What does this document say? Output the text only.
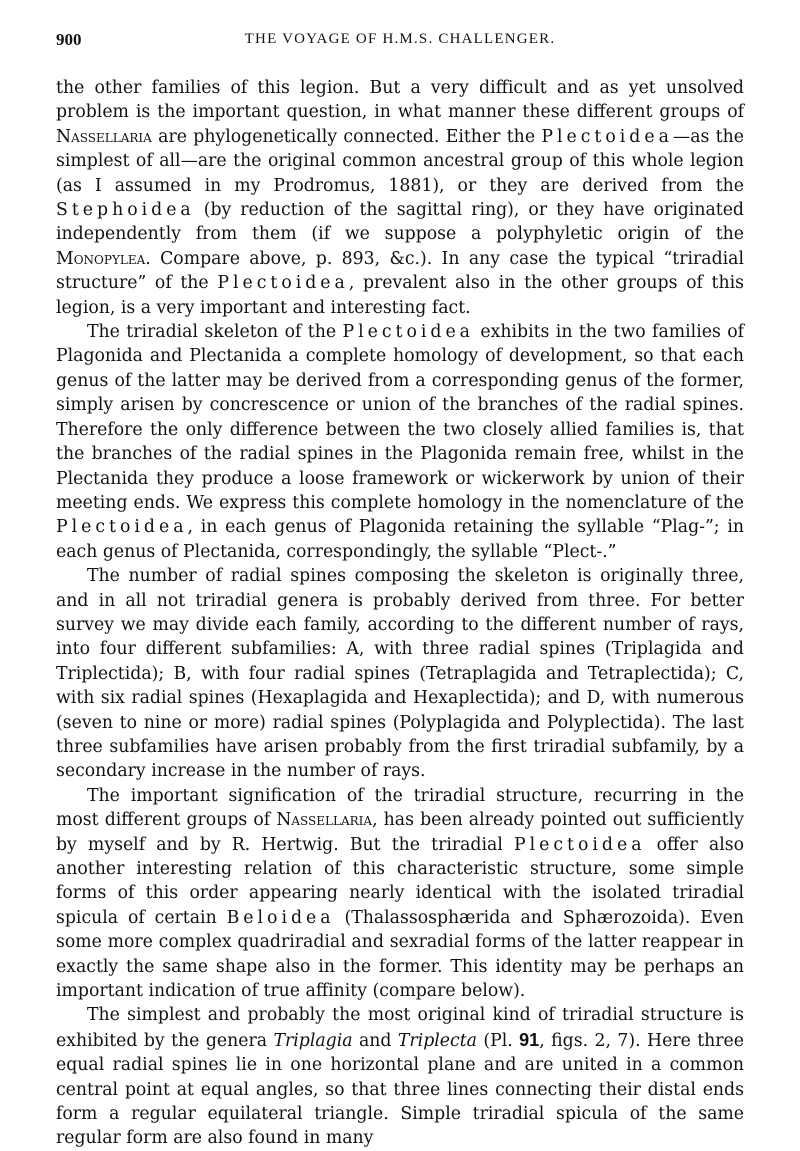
900	THE VOYAGE OF H.M.S. CHALLENGER.

the other families of this legion. But a very difficult and as yet unsolved problem is the important question, in what manner these different groups of Nassellaria are phylogenetically connected. Either the Plectoidea—as the simplest of all—are the original common ancestral group of this whole legion (as I assumed in my Prodromus, 1881), or they are derived from the Stephoidea (by reduction of the sagittal ring), or they have originated independently from them (if we suppose a polyphyletic origin of the Monopylea. Compare above, p. 893, &c.). In any case the typical “triradial structure” of the Plectoidea, prevalent also in the other groups of this legion, is a very important and interesting fact.

The triradial skeleton of the Plectoidea exhibits in the two families of Plagonida and Plectanida a complete homology of development, so that each genus of the latter may be derived from a corresponding genus of the former, simply arisen by concrescence or union of the branches of the radial spines. Therefore the only difference between the two closely allied families is, that the branches of the radial spines in the Plagonida remain free, whilst in the Plectanida they produce a loose framework or wickerwork by union of their meeting ends. We express this complete homology in the nomenclature of the Plectoidea, in each genus of Plagonida retaining the syllable “Plag-”; in each genus of Plectanida, correspondingly, the syllable “Plect-.”

The number of radial spines composing the skeleton is originally three, and in all not triradial genera is probably derived from three. For better survey we may divide each family, according to the different number of rays, into four different subfamilies: A, with three radial spines (Triplagida and Triplectida); B, with four radial spines (Tetraplagida and Tetraplectida); C, with six radial spines (Hexaplagida and Hexaplectida); and D, with numerous (seven to nine or more) radial spines (Polyplagida and Polyplectida). The last three subfamilies have arisen probably from the first triradial subfamily, by a secondary increase in the number of rays.

The important signification of the triradial structure, recurring in the most different groups of Nassellaria, has been already pointed out sufficiently by myself and by R. Hertwig. But the triradial Plectoidea offer also another interesting relation of this characteristic structure, some simple forms of this order appearing nearly identical with the isolated triradial spicula of certain Beloidea (Thalassosphærida and Sphærozoida). Even some more complex quadriradial and sexradial forms of the latter reappear in exactly the same shape also in the former. This identity may be perhaps an important indication of true affinity (compare below).

The simplest and probably the most original kind of triradial structure is exhibited by the genera Triplagia and Triplecta (Pl. 91, figs. 2, 7). Here three equal radial spines lie in one horizontal plane and are united in a common central point at equal angles, so that three lines connecting their distal ends form a regular equilateral triangle. Simple triradial spicula of the same regular form are also found in many
